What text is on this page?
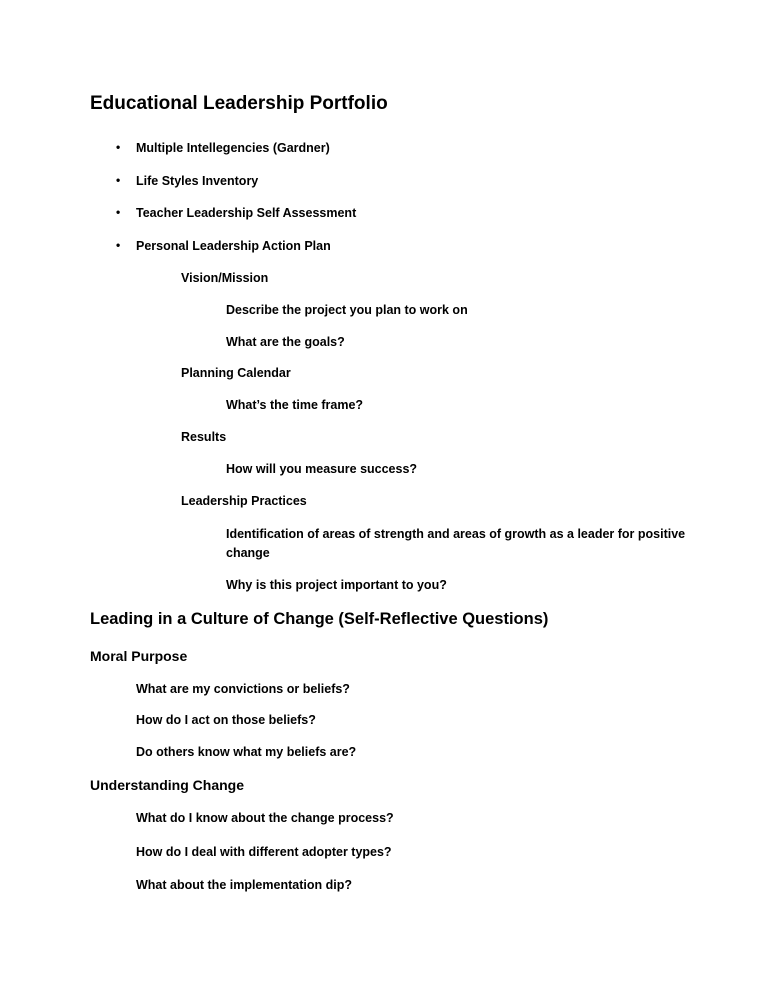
Educational Leadership Portfolio
• Multiple Intellegencies (Gardner)
• Life Styles Inventory
• Teacher Leadership Self Assessment
• Personal Leadership Action Plan
Vision/Mission
Describe the project you plan to work on
What are the goals?
Planning Calendar
What’s the time frame?
Results
How will you measure success?
Leadership Practices
Identification of areas of strength and areas of growth as a leader for positive
change
Why is this project important to you?
Leading in a Culture of Change (Self-Reflective Questions)
Moral Purpose
What are my convictions or beliefs?
How do I act on those beliefs?
Do others know what my beliefs are?
Understanding Change
What do I know about the change process?
How do I deal with different adopter types?
What about the implementation dip?
